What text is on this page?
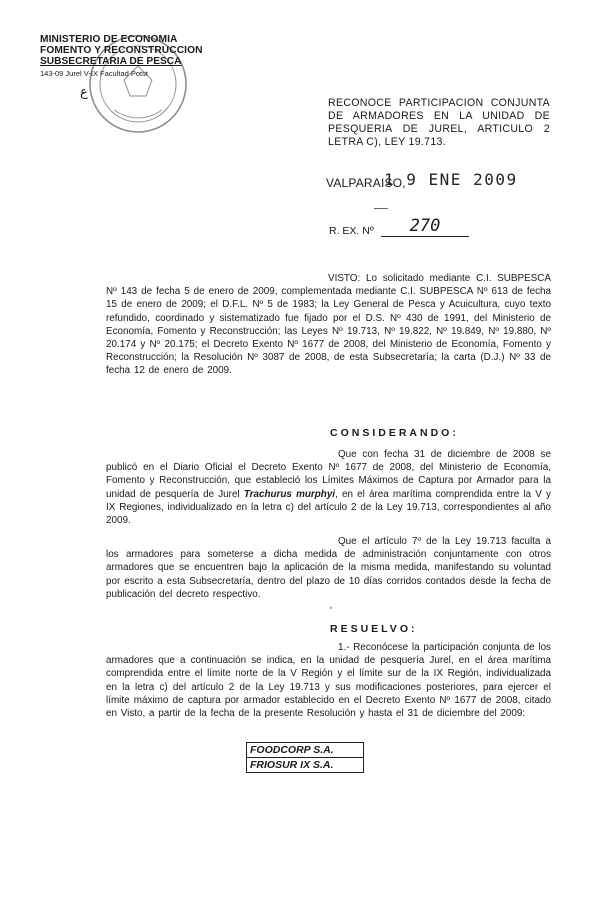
MINISTERIO DE ECONOMIA
FOMENTO Y RECONSTRUCCION
SUBSECRETARIA DE PESCA
143-09 Jurel V-IX Facultad Potst
ﻉ
RECONOCE PARTICIPACION CONJUNTA DE ARMADORES EN LA UNIDAD DE PESQUERIA DE JUREL, ARTICULO 2 LETRA C), LEY 19.713.
VALPARAISO,
1 9 ENE 2009
R. EX. Nº	270
VISTO: Lo solicitado mediante C.I. SUBPESCA Nº 143 de fecha 5 de enero de 2009, complementada mediante C.I. SUBPESCA Nº 613 de fecha 15 de enero de 2009; el D.F.L. Nº 5 de 1983; la Ley General de Pesca y Acuicultura, cuyo texto refundido, coordinado y sistematizado fue fijado por el D.S. Nº 430 de 1991, del Ministerio de Economía, Fomento y Reconstrucción; las Leyes Nº 19.713, Nº 19.822, Nº 19.849, Nº 19.880, Nº 20.174 y Nº 20.175; el Decreto Exento Nº 1677 de 2008, del Ministerio de Economía, Fomento y Reconstrucción; la Resolución Nº 3087 de 2008, de esta Subsecretaría; la carta (D.J.) Nº 33 de fecha 12 de enero de 2009.
CONSIDERANDO:
Que con fecha 31 de diciembre de 2008 se publicó en el Diario Oficial el Decreto Exento Nº 1677 de 2008, del Ministerio de Economía, Fomento y Reconstrucción, que estableció los Límites Máximos de Captura por Armador para la unidad de pesquería de Jurel Trachurus murphyi, en el área marítima comprendida entre la V y IX Regiones, individualizado en la letra c) del artículo 2 de la Ley 19.713, correspondientes al año 2009.
Que el artículo 7º de la Ley 19.713 faculta a los armadores para someterse a dicha medida de administración conjuntamente con otros armadores que se encuentren bajo la aplicación de la misma medida, manifestando su voluntad por escrito a esta Subsecretaría, dentro del plazo de 10 días corridos contados desde la fecha de publicación del decreto respectivo.
ʹ
RESUELVO:
1.- Reconócese la participación conjunta de los armadores que a continuación se indica, en la unidad de pesquería Jurel, en el área marítima comprendida entre el límite norte de la V Región y el límite sur de la IX Región, individualizada en la letra c) del artículo 2 de la Ley 19.713 y sus modificaciones posteriores, para ejercer el límite máximo de captura por armador establecido en el Decreto Exento Nº 1677 de 2008, citado en Visto, a partir de la fecha de la presente Resolución y hasta el 31 de diciembre del 2009:
FOODCORP S.A.
FRIOSUR IX S.A.
